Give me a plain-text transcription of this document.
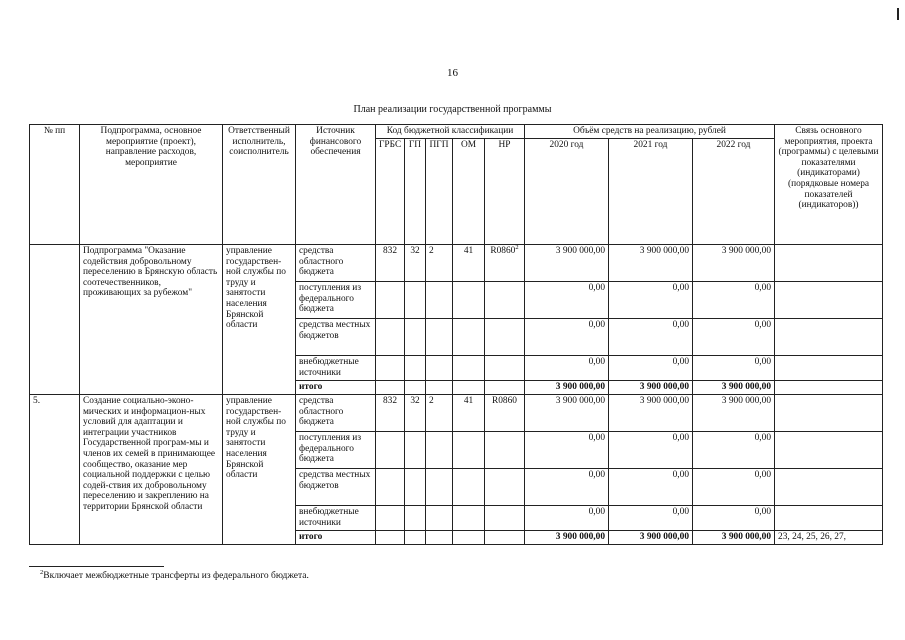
16
План реализации государственной программы
№ пп	Подпрограмма, основное мероприятие (проект), направление расходов, мероприятие	Ответственный исполнитель, соисполнитель	Источник финансового обеспечения	Код бюджетной классификации					Объём средств на реализацию, рублей			Связь основного мероприятия, проекта (программы) с целевыми показателями (индикаторами) (порядковые номера показателей (индикаторов))
				ГРБС	ГП	ПГП	ОМ	НР	2020 год	2021 год	2022 год	
	Подпрограмма "Оказание содействия добровольному переселению в Брянскую область соотечественников, проживающих за рубежом"	управление государствен-ной службы по труду и занятости населения Брянской области	средства областного бюджета	832	32	2	41	R0860$^2$	3 900 000,00	3 900 000,00	3 900 000,00	
			поступления из федерального бюджета						0,00	0,00	0,00	
			средства местных бюджетов						0,00	0,00	0,00	
			внебюджетные источники						0,00	0,00	0,00	
			итого						3 900 000,00	3 900 000,00	3 900 000,00	
5.	Создание социально-эконо-мических и информацион-ных условий для адаптации и интеграции участников Государственной програм-мы и членов их семей в принимающее сообщество, оказание мер социальной поддержки с целью содей-ствия их добровольному переселению и закреплению на территории Брянской области	управление государствен-ной службы по труду и занятости населения Брянской области	средства областного бюджета	832	32	2	41	R0860	3 900 000,00	3 900 000,00	3 900 000,00	
			поступления из федерального бюджета						0,00	0,00	0,00	
			средства местных бюджетов						0,00	0,00	0,00	
			внебюджетные источники						0,00	0,00	0,00	
			итого						3 900 000,00	3 900 000,00	3 900 000,00	23, 24, 25, 26, 27,
$^2$Включает межбюджетные трансферты из федерального бюджета.
